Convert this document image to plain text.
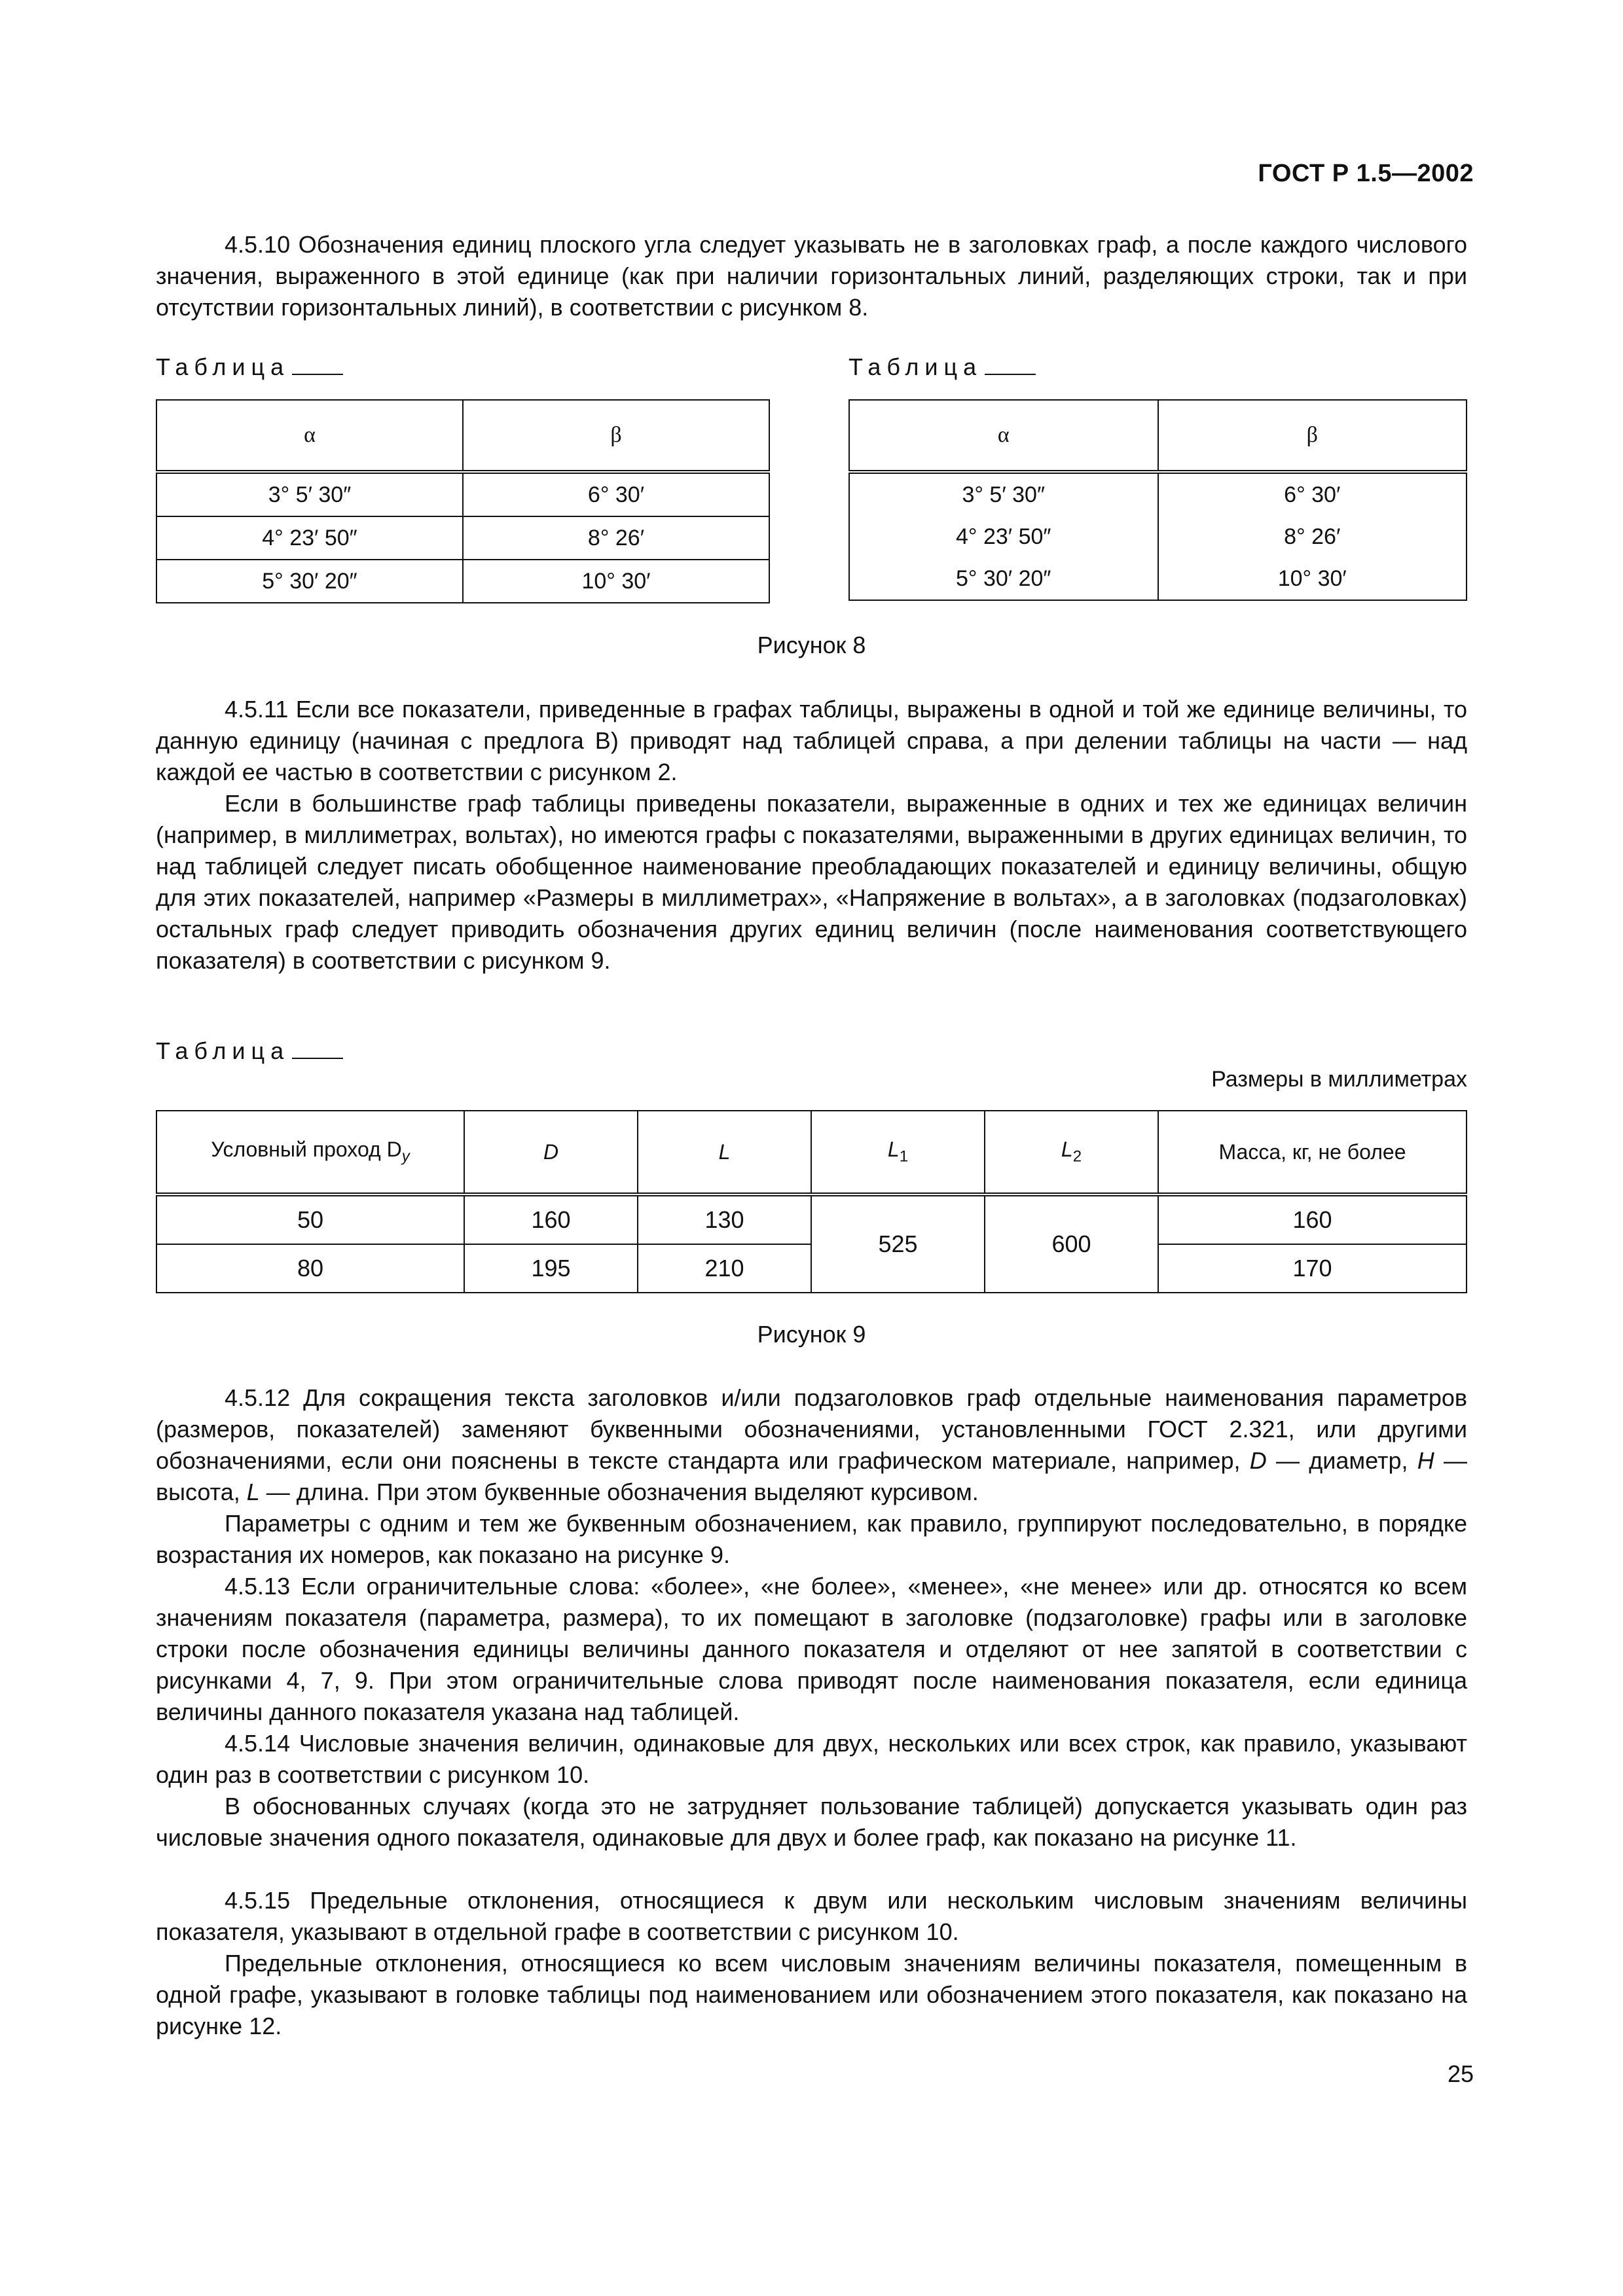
ГОСТ Р 1.5—2002

4.5.10 Обозначения единиц плоского угла следует указывать не в заголовках граф, а после каждого числового значения, выраженного в этой единице (как при наличии горизонтальных линий, разделяющих строки, так и при отсутствии горизонтальных линий), в соответствии с рисунком 8.

Таблица
α	β
3° 5′ 30″	6° 30′
4° 23′ 50″	8° 26′
5° 30′ 20″	10° 30′
Таблица
α	β
3° 5′ 30″	6° 30′
4° 23′ 50″	8° 26′
5° 30′ 20″	10° 30′
Рисунок 8

4.5.11 Если все показатели, приведенные в графах таблицы, выражены в одной и той же единице величины, то данную единицу (начиная с предлога В) приводят над таблицей справа, а при делении таблицы на части — над каждой ее частью в соответствии с рисунком 2.

Если в большинстве граф таблицы приведены показатели, выраженные в одних и тех же единицах величин (например, в миллиметрах, вольтах), но имеются графы с показателями, выраженными в других единицах величин, то над таблицей следует писать обобщенное наименование преобладающих показателей и единицу величины, общую для этих показателей, например «Размеры в миллиметрах», «Напряжение в вольтах», а в заголовках (подзаголовках) остальных граф следует приводить обозначения других единиц величин (после наименования соответствующего показателя) в соответствии с рисунком 9.

Таблица
Размеры в миллиметрах
Условный проход $D_у$	D	L	$L_1$	$L_2$	Масса, кг, не более
50	160	130	525	600	160
80	195	210			170
Рисунок 9

4.5.12 Для сокращения текста заголовков и/или подзаголовков граф отдельные наименования параметров (размеров, показателей) заменяют буквенными обозначениями, установленными ГОСТ 2.321, или другими обозначениями, если они пояснены в тексте стандарта или графическом материале, например, D — диаметр, H — высота, L — длина. При этом буквенные обозначения выделяют курсивом.

Параметры с одним и тем же буквенным обозначением, как правило, группируют последовательно, в порядке возрастания их номеров, как показано на рисунке 9.

4.5.13 Если ограничительные слова: «более», «не более», «менее», «не менее» или др. относятся ко всем значениям показателя (параметра, размера), то их помещают в заголовке (подзаголовке) графы или в заголовке строки после обозначения единицы величины данного показателя и отделяют от нее запятой в соответствии с рисунками 4, 7, 9. При этом ограничительные слова приводят после наименования показателя, если единица величины данного показателя указана над таблицей.

4.5.14 Числовые значения величин, одинаковые для двух, нескольких или всех строк, как правило, указывают один раз в соответствии с рисунком 10.

В обоснованных случаях (когда это не затрудняет пользование таблицей) допускается указывать один раз числовые значения одного показателя, одинаковые для двух и более граф, как показано на рисунке 11.

4.5.15 Предельные отклонения, относящиеся к двум или нескольким числовым значениям величины показателя, указывают в отдельной графе в соответствии с рисунком 10.

Предельные отклонения, относящиеся ко всем числовым значениям величины показателя, помещенным в одной графе, указывают в головке таблицы под наименованием или обозначением этого показателя, как показано на рисунке 12.

25
